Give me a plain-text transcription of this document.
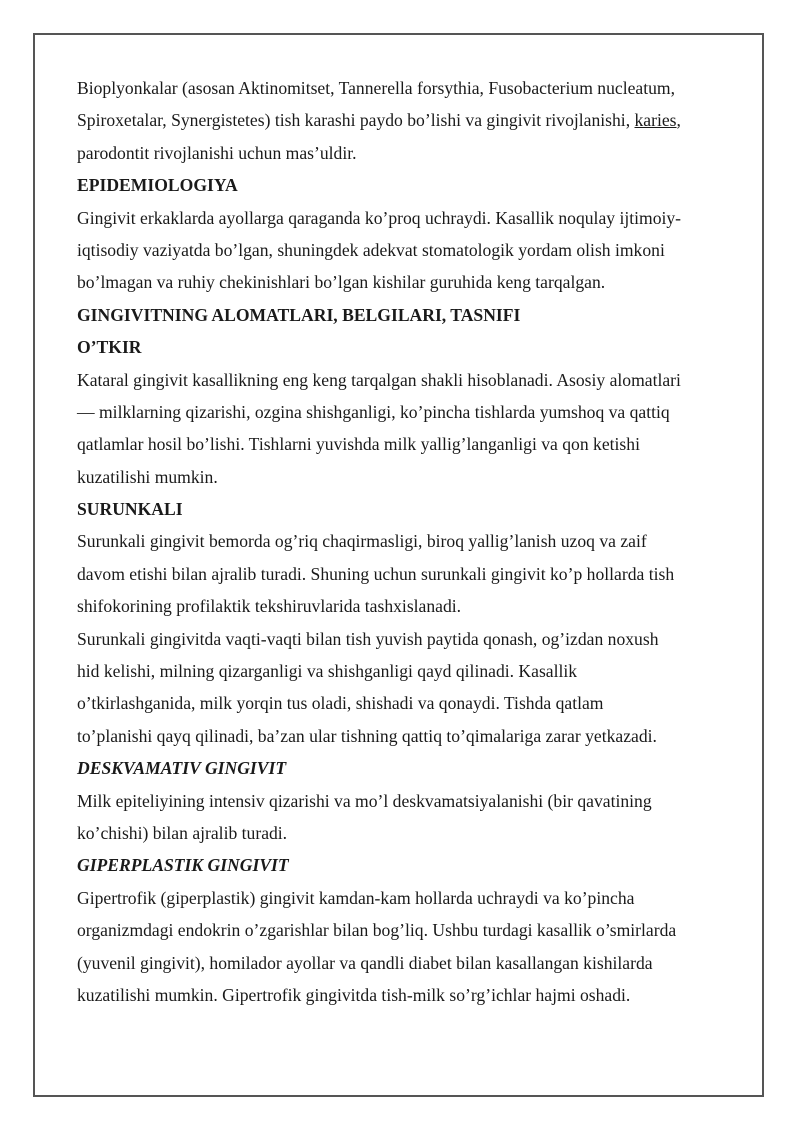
Bioplyonkalar (asosan Aktinomitset, Tannerella forsythia, Fusobacterium nucleatum,
Spiroxetalar, Synergistetes) tish karashi paydo bo’lishi va gingivit rivojlanishi, karies,
parodontit rivojlanishi uchun mas’uldir.
EPIDEMIOLOGIYA
Gingivit erkaklarda ayollarga qaraganda ko’proq uchraydi. Kasallik noqulay ijtimoiy-
iqtisodiy vaziyatda bo’lgan, shuningdek adekvat stomatologik yordam olish imkoni
bo’lmagan va ruhiy chekinishlari bo’lgan kishilar guruhida keng tarqalgan.
GINGIVITNING ALOMATLARI, BELGILARI, TASNIFI
O’TKIR
Kataral gingivit kasallikning eng keng tarqalgan shakli hisoblanadi. Asosiy alomatlari
— milklarning qizarishi, ozgina shishganligi, ko’pincha tishlarda yumshoq va qattiq
qatlamlar hosil bo’lishi. Tishlarni yuvishda milk yallig’langanligi va qon ketishi
kuzatilishi mumkin.
SURUNKALI
Surunkali gingivit bemorda og’riq chaqirmasligi, biroq yallig’lanish uzoq va zaif
davom etishi bilan ajralib turadi. Shuning uchun surunkali gingivit ko’p hollarda tish
shifokorining profilaktik tekshiruvlarida tashxislanadi.
Surunkali gingivitda vaqti-vaqti bilan tish yuvish paytida qonash, og’izdan noxush
hid kelishi, milning qizarganligi va shishganligi qayd qilinadi. Kasallik
o’tkirlashganida, milk yorqin tus oladi, shishadi va qonaydi. Tishda qatlam
to’planishi qayq qilinadi, ba’zan ular tishning qattiq to’qimalariga zarar yetkazadi.
DESKVAMATIV GINGIVIT
Milk epiteliyining intensiv qizarishi va mo’l deskvamatsiyalanishi (bir qavatining
ko’chishi) bilan ajralib turadi.
GIPERPLASTIK GINGIVIT
Gipertrofik (giperplastik) gingivit kamdan-kam hollarda uchraydi va ko’pincha
organizmdagi endokrin o’zgarishlar bilan bog’liq. Ushbu turdagi kasallik o’smirlarda
(yuvenil gingivit), homilador ayollar va qandli diabet bilan kasallangan kishilarda
kuzatilishi mumkin. Gipertrofik gingivitda tish-milk so’rg’ichlar hajmi oshadi.
